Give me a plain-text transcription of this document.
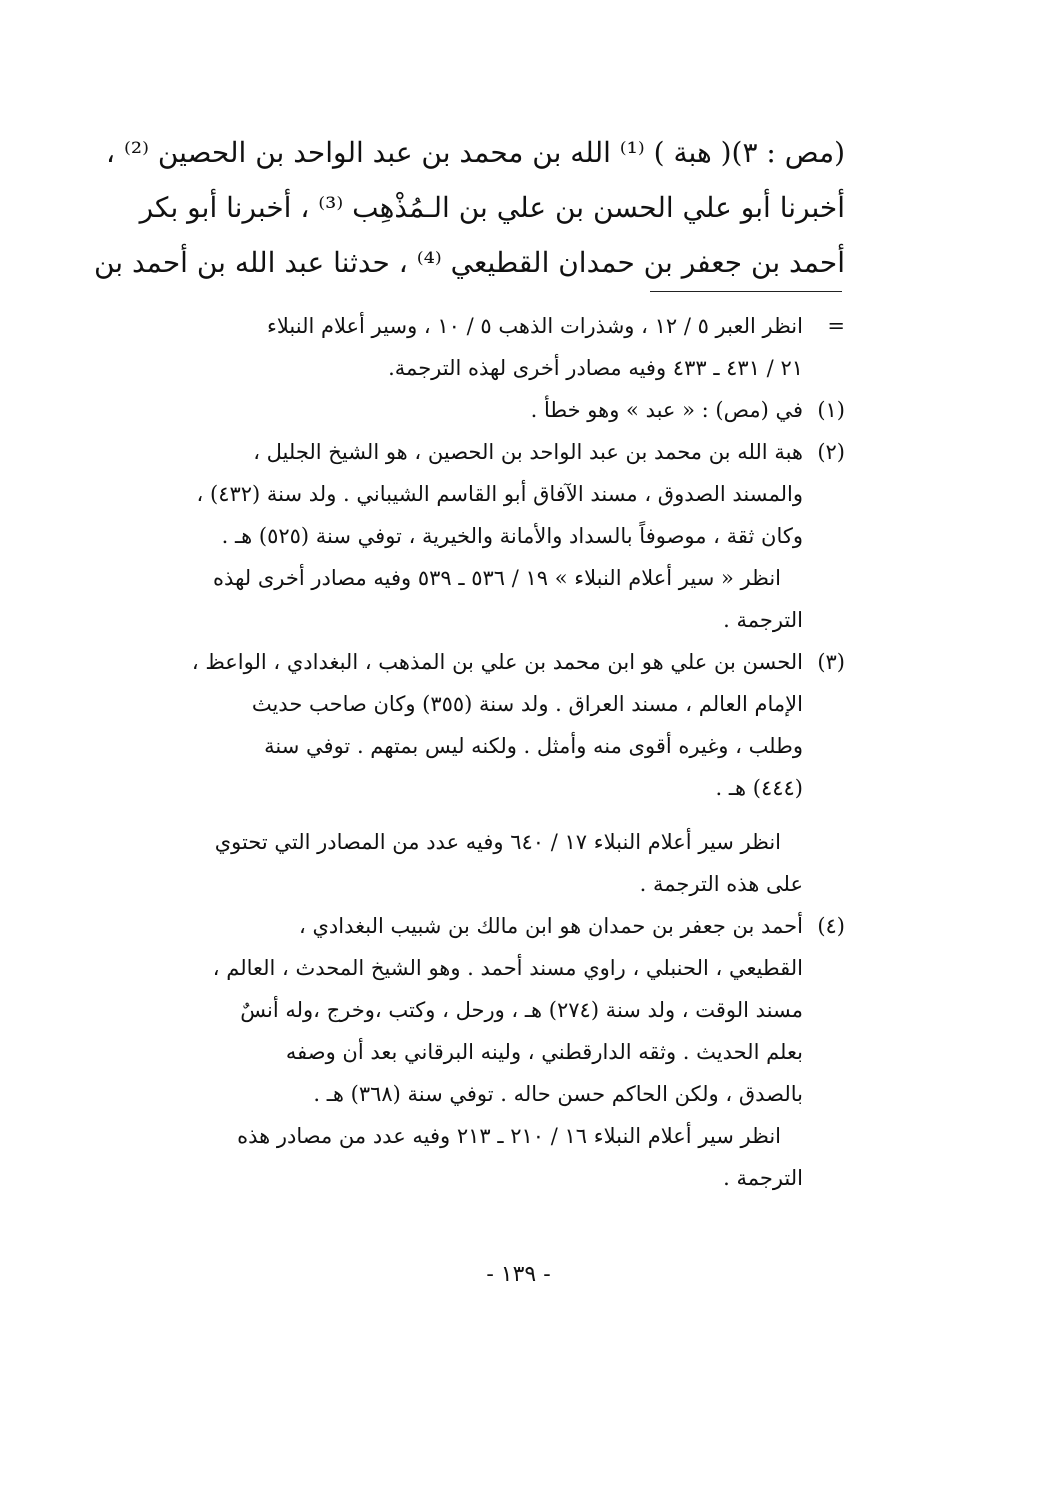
(مص : ٣)( هبة ) ⁽¹⁾ الله بن محمد بن عبد الواحد بن الحصين ⁽²⁾ ،
أخبرنا أبو علي الحسن بن علي بن الـمُذْهِب ⁽³⁾ ، أخبرنا أبو بكر
أحمد بن جعفر بن حمدان القطيعي ⁽⁴⁾ ، حدثنا عبد الله بن أحمد بن
=
انظر العبر ٥ / ١٢ ، وشذرات الذهب ٥ / ١٠ ، وسير أعلام النبلاء
٢١ / ٤٣١ ـ ٤٣٣ وفيه مصادر أخرى لهذه الترجمة.
(١)
في (مص) : « عبد » وهو خطأ .
(٢)
هبة الله بن محمد بن عبد الواحد بن الحصين ، هو الشيخ الجليل ،
والمسند الصدوق ، مسند الآفاق أبو القاسم الشيباني . ولد سنة (٤٣٢) ،
وكان ثقة ، موصوفاً بالسداد والأمانة والخيرية ، توفي سنة (٥٢٥) هـ .
انظر « سير أعلام النبلاء » ١٩ / ٥٣٦ ـ ٥٣٩ وفيه مصادر أخرى لهذه
الترجمة .
(٣)
الحسن بن علي هو ابن محمد بن علي بن المذهب ، البغدادي ، الواعظ ،
الإمام العالم ، مسند العراق . ولد سنة (٣٥٥) وكان صاحب حديث
وطلب ، وغيره أقوى منه وأمثل . ولكنه ليس بمتهم . توفي سنة
(٤٤٤) هـ .
انظر سير أعلام النبلاء ١٧ / ٦٤٠ وفيه عدد من المصادر التي تحتوي
على هذه الترجمة .
(٤)
أحمد بن جعفر بن حمدان هو ابن مالك بن شبيب البغدادي ،
القطيعي ، الحنبلي ، راوي مسند أحمد . وهو الشيخ المحدث ، العالم ،
مسند الوقت ، ولد سنة (٢٧٤) هـ ، ورحل ، وكتب ،وخرج ،وله أنسٌ
بعلم الحديث . وثقه الدارقطني ، ولينه البرقاني بعد أن وصفه
بالصدق ، ولكن الحاكم حسن حاله . توفي سنة (٣٦٨) هـ .
انظر سير أعلام النبلاء ١٦ / ٢١٠ ـ ٢١٣ وفيه عدد من مصادر هذه
الترجمة .
- ١٣٩ -
